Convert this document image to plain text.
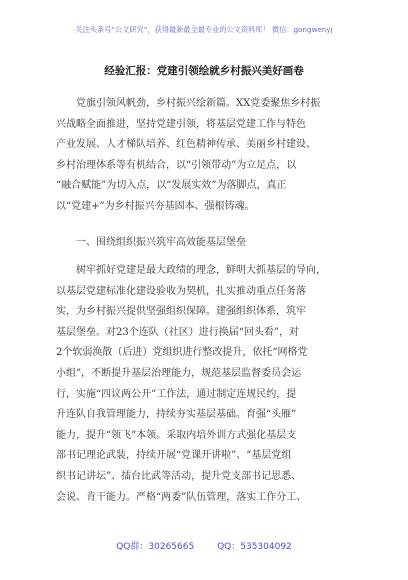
关注头条号“公文研究”，获得最新最全最专业的公文资料库！ 微信：gongwenyj
经验汇报：党建引领绘就乡村振兴美好画卷
党旗引领风帆劲，乡村振兴绘新篇。XX党委聚焦乡村振
兴战略全面推进，坚持党建引领，将基层党建工作与特色
产业发展、人才梯队培养、红色精神传承、美丽乡村建设、
乡村治理体系等有机结合，以“引领带动”为立足点，以
“融合赋能”为切入点，以“发展实效”为落脚点，真正
以“党建+”为乡村振兴夯基固本、强根铸魂。
一、围绕组织振兴筑牢高效能基层堡垒
树牢抓好党建是最大政绩的理念，鲜明大抓基层的导向，
以基层党建标准化建设验收为契机，扎实推动重点任务落
实，为乡村振兴提供坚强组织保障。建强组织体系，筑牢
基层堡垒。对23个连队（社区）进行换届“回头看”，对
2个软弱涣散（后进）党组织进行整改提升，依托“网格党
小组”，不断提升基层治理能力，规范基层监督委员会运
行，实施“四议两公开”工作法，通过制定连规民约，提
升连队自我管理能力，持续夯实基层基础。育强“头雁”
能力，提升“领飞”本领。采取内培外训方式强化基层支
部书记理论武装，持续开展“党课开讲啦”、“基层党组
织书记讲坛”、擂台比武等活动，提升党支部书记思悉、
会说、肯干能力。严格“两委”队伍管理，落实工作分工、
QQ群：30265665	QQ：535304092
